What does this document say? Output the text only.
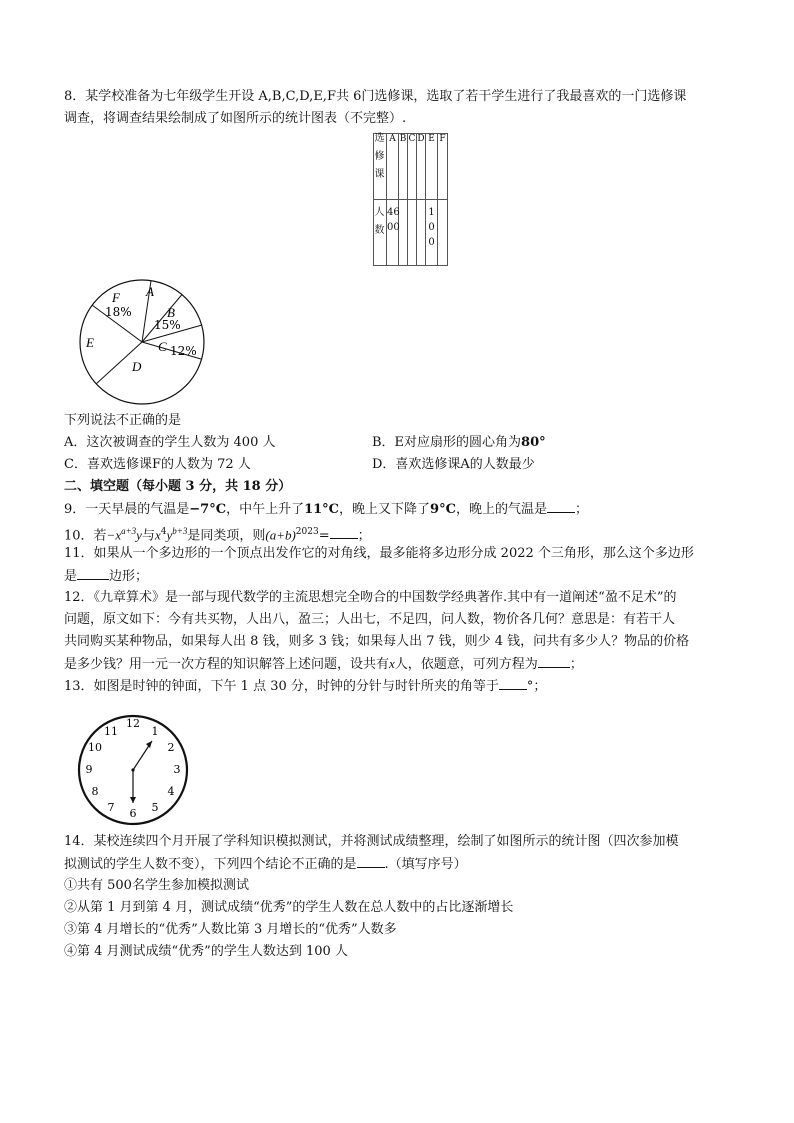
8．某学校准备为七年级学生开设 A,B,C,D,E,F共 6门选修课，选取了若干学生进行了我最喜欢的一门选修课
调查，将调查结果绘制成了如图所示的统计图表（不完整）.
选
修
课	A	B	C	D	E	F

人
数	46
00				1
0
0	

A
B
15%
C 12%
D
E
F
18%
下列说法不正确的是
A．这次被调查的学生人数为 400 人	B．E对应扇形的圆心角为80°
C．喜欢选修课F的人数为 72 人	D．喜欢选修课A的人数最少
二、填空题（每小题 3 分，共 18 分）
9．一天早晨的气温是−7°C，中午上升了11°C，晚上又下降了9°C，晚上的气温是 ；
10．若$-x^{a+3}y$与$x^4y^{b+3}$是同类项，则$(a+b)^{2023}=$ ；
11．如果从一个多边形的一个顶点出发作它的对角线，最多能将多边形分成 2022 个三角形，那么这个多边形
是 边形；
12．《九章算术》是一部与现代数学的主流思想完全吻合的中国数学经典著作.其中有一道阐述“盈不足术”的
问题，原文如下：今有共买物，人出八，盈三；人出七，不足四，问人数，物价各几何？意思是：有若干人
共同购买某种物品，如果每人出 8 钱，则多 3 钱；如果每人出 7 钱，则少 4 钱，问共有多少人？物品的价格
是多少钱？用一元一次方程的知识解答上述问题，设共有x人，依题意，可列方程为 ；
13．如图是时钟的钟面，下午 1 点 30 分，时钟的分针与时针所夹的角等于 °；
12
1
2
3
4
5
6
7
8
9
10
11
14．某校连续四个月开展了学科知识模拟测试，并将测试成绩整理，绘制了如图所示的统计图（四次参加模
拟测试的学生人数不变），下列四个结论不正确的是 .（填写序号）
①共有 500名学生参加模拟测试
②从第 1 月到第 4 月，测试成绩“优秀”的学生人数在总人数中的占比逐渐增长
③第 4 月增长的“优秀”人数比第 3 月增长的“优秀”人数多
④第 4 月测试成绩“优秀”的学生人数达到 100 人
